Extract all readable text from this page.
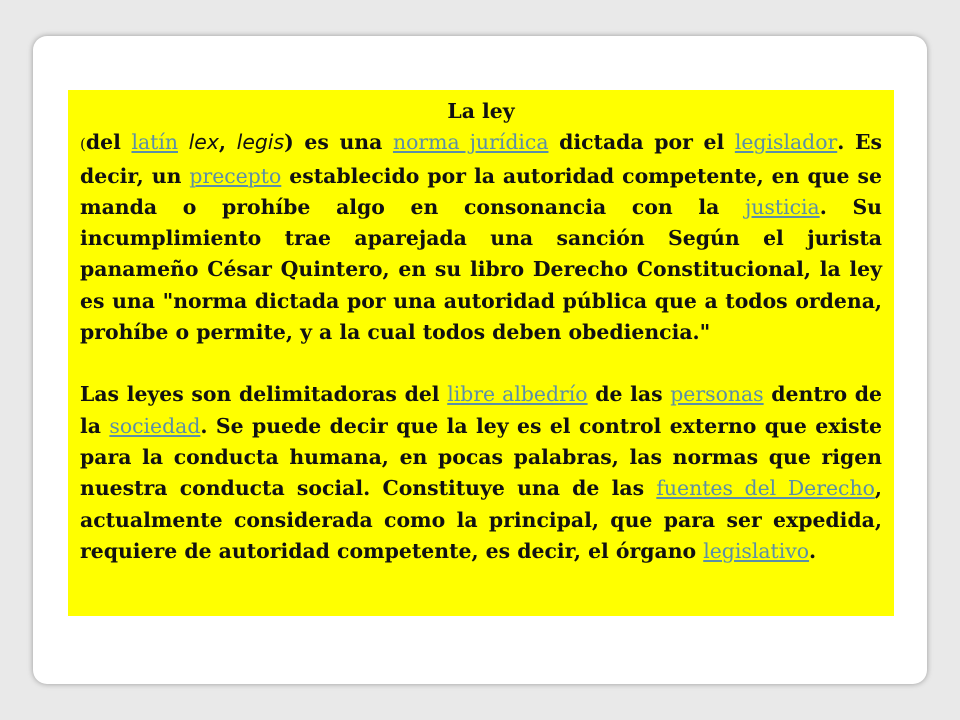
La ley

(del latín lex, legis) es una norma jurídica dictada por el legislador. Es decir, un precepto establecido por la autoridad competente, en que se manda o prohíbe algo en consonancia con la justicia. Su incumplimiento trae aparejada una sanción Según el jurista panameño César Quintero, en su libro Derecho Constitucional, la ley es una "norma dictada por una autoridad pública que a todos ordena, prohíbe o permite, y a la cual todos deben obediencia."

Las leyes son delimitadoras del libre albedrío de las personas dentro de la sociedad. Se puede decir que la ley es el control externo que existe para la conducta humana, en pocas palabras, las normas que rigen nuestra conducta social. Constituye una de las fuentes del Derecho, actualmente considerada como la principal, que para ser expedida, requiere de autoridad competente, es decir, el órgano legislativo.
